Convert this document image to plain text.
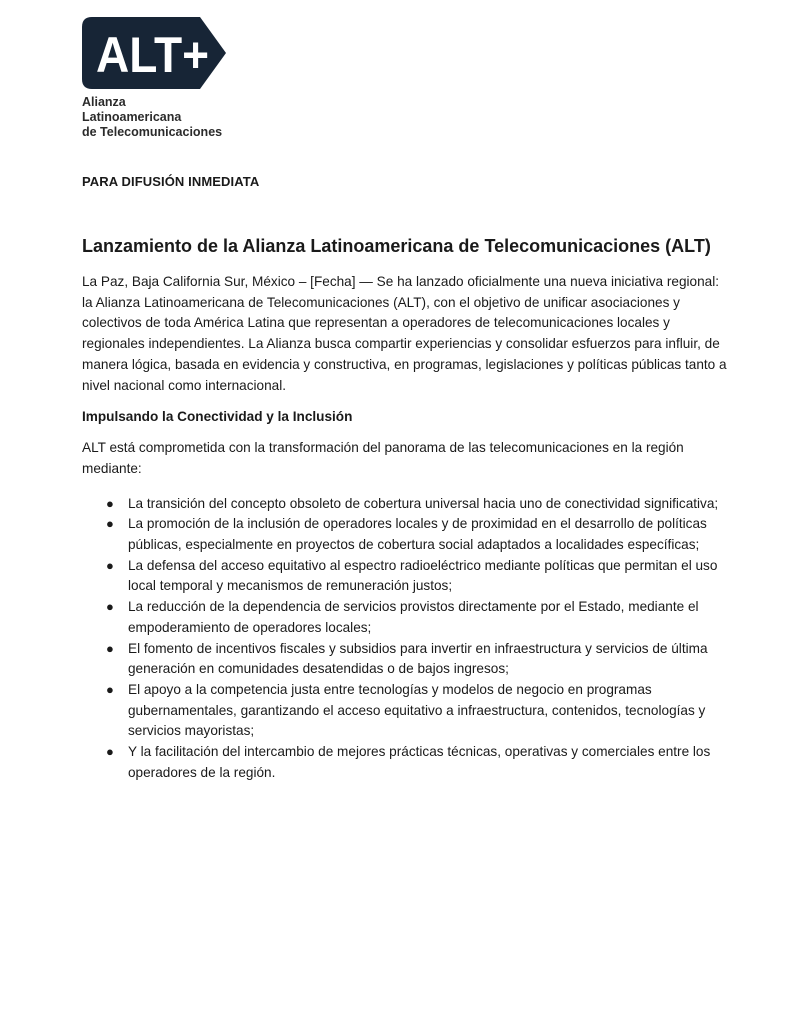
ALT+
Alianza
Latinoamericana
de Telecomunicaciones
PARA DIFUSIÓN INMEDIATA
Lanzamiento de la Alianza Latinoamericana de Telecomunicaciones (ALT)

La Paz, Baja California Sur, México – [Fecha] — Se ha lanzado oficialmente una nueva iniciativa regional: la Alianza Latinoamericana de Telecomunicaciones (ALT), con el objetivo de unificar asociaciones y colectivos de toda América Latina que representan a operadores de telecomunicaciones locales y regionales independientes. La Alianza busca compartir experiencias y consolidar esfuerzos para influir, de manera lógica, basada en evidencia y constructiva, en programas, legislaciones y políticas públicas tanto a nivel nacional como internacional.

Impulsando la Conectividad y la Inclusión

ALT está comprometida con la transformación del panorama de las telecomunicaciones en la región mediante:

● La transición del concepto obsoleto de cobertura universal hacia uno de conectividad significativa;
● La promoción de la inclusión de operadores locales y de proximidad en el desarrollo de políticas públicas, especialmente en proyectos de cobertura social adaptados a localidades específicas;
● La defensa del acceso equitativo al espectro radioeléctrico mediante políticas que permitan el uso local temporal y mecanismos de remuneración justos;
● La reducción de la dependencia de servicios provistos directamente por el Estado, mediante el empoderamiento de operadores locales;
● El fomento de incentivos fiscales y subsidios para invertir en infraestructura y servicios de última generación en comunidades desatendidas o de bajos ingresos;
● El apoyo a la competencia justa entre tecnologías y modelos de negocio en programas gubernamentales, garantizando el acceso equitativo a infraestructura, contenidos, tecnologías y servicios mayoristas;
● Y la facilitación del intercambio de mejores prácticas técnicas, operativas y comerciales entre los operadores de la región.
